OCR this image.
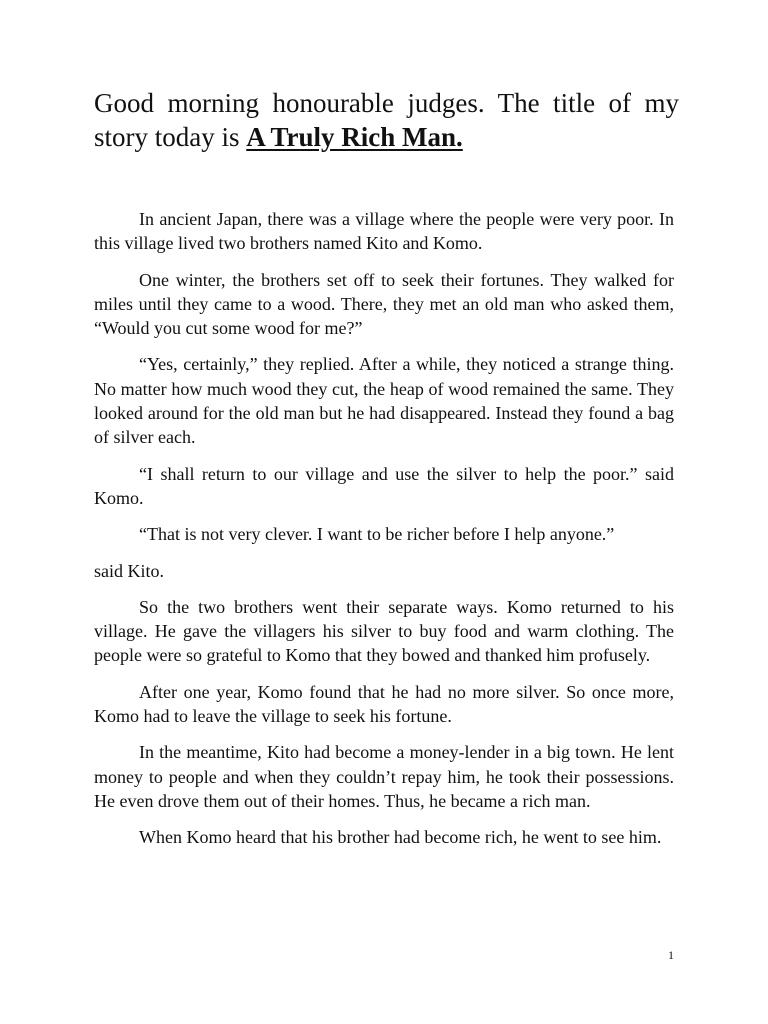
Good morning honourable judges. The title of my story today is A Truly Rich Man.

In ancient Japan, there was a village where the people were very poor. In this village lived two brothers named Kito and Komo.

One winter, the brothers set off to seek their fortunes. They walked for miles until they came to a wood. There, they met an old man who asked them, “Would you cut some wood for me?”

“Yes, certainly,” they replied. After a while, they noticed a strange thing. No matter how much wood they cut, the heap of wood remained the same. They looked around for the old man but he had disappeared. Instead they found a bag of silver each.

“I shall return to our village and use the silver to help the poor.” said Komo.

“That is not very clever. I want to be richer before I help anyone.”

said Kito.

So the two brothers went their separate ways. Komo returned to his village. He gave the villagers his silver to buy food and warm clothing. The people were so grateful to Komo that they bowed and thanked him profusely.

After one year, Komo found that he had no more silver. So once more, Komo had to leave the village to seek his fortune.

In the meantime, Kito had become a money-lender in a big town. He lent money to people and when they couldn’t repay him, he took their possessions. He even drove them out of their homes. Thus, he became a rich man.

When Komo heard that his brother had become rich, he went to see him.

1
